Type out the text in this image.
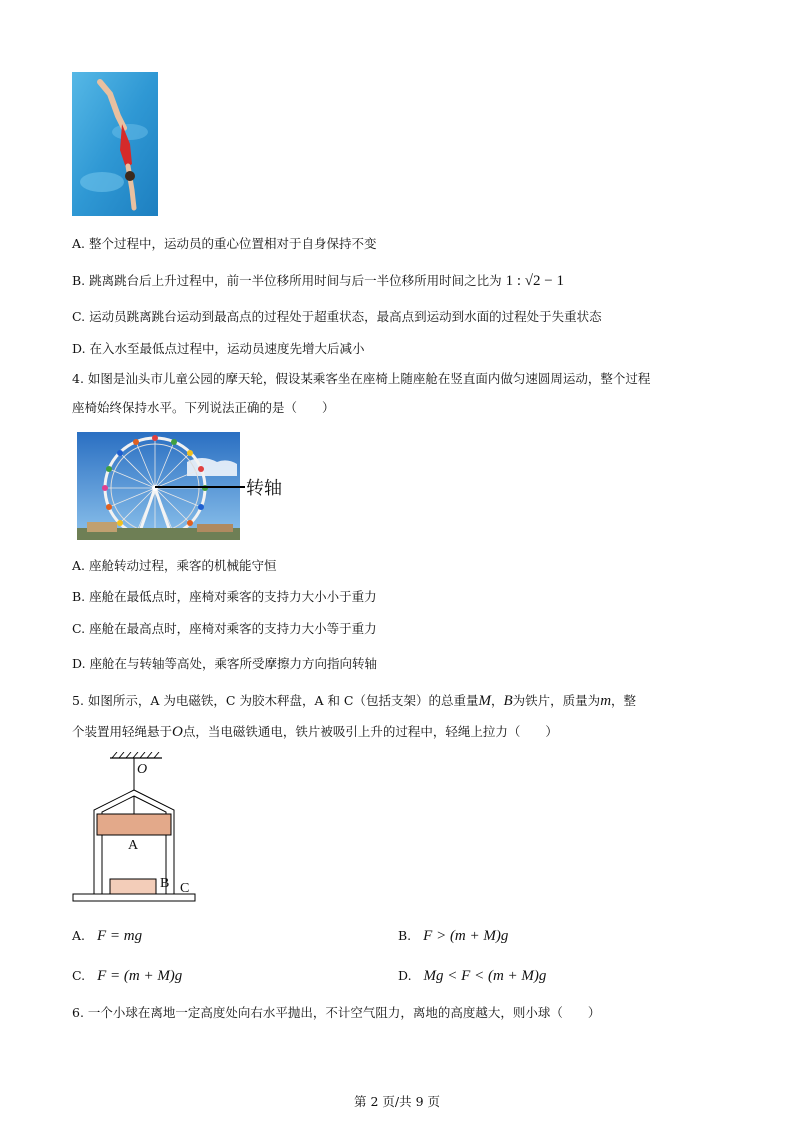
A. 整个过程中，运动员的重心位置相对于自身保持不变
B. 跳离跳台后上升过程中，前一半位移所用时间与后一半位移所用时间之比为 1 : √2 − 1
C. 运动员跳离跳台运动到最高点的过程处于超重状态，最高点到运动到水面的过程处于失重状态
D. 在入水至最低点过程中，运动员速度先增大后减小
4. 如图是汕头市儿童公园的摩天轮，假设某乘客坐在座椅上随座舱在竖直面内做匀速圆周运动，整个过程
座椅始终保持水平。下列说法正确的是（　　）
转轴
A. 座舱转动过程，乘客的机械能守恒
B. 座舱在最低点时，座椅对乘客的支持力大小小于重力
C. 座舱在最高点时，座椅对乘客的支持力大小等于重力
D. 座舱在与转轴等高处，乘客所受摩擦力方向指向转轴
5. 如图所示，A 为电磁铁，C 为胶木秤盘，A 和 C（包括支架）的总重量M，B为铁片，质量为m，整
个装置用轻绳悬于O点，当电磁铁通电，铁片被吸引上升的过程中，轻绳上拉力（　　）
O
A
B C
A. F = mg	B. F > (m + M)g
C. F = (m + M)g	D. Mg < F < (m + M)g
6. 一个小球在离地一定高度处向右水平抛出，不计空气阻力，离地的高度越大，则小球（　　）
第 2 页/共 9 页
